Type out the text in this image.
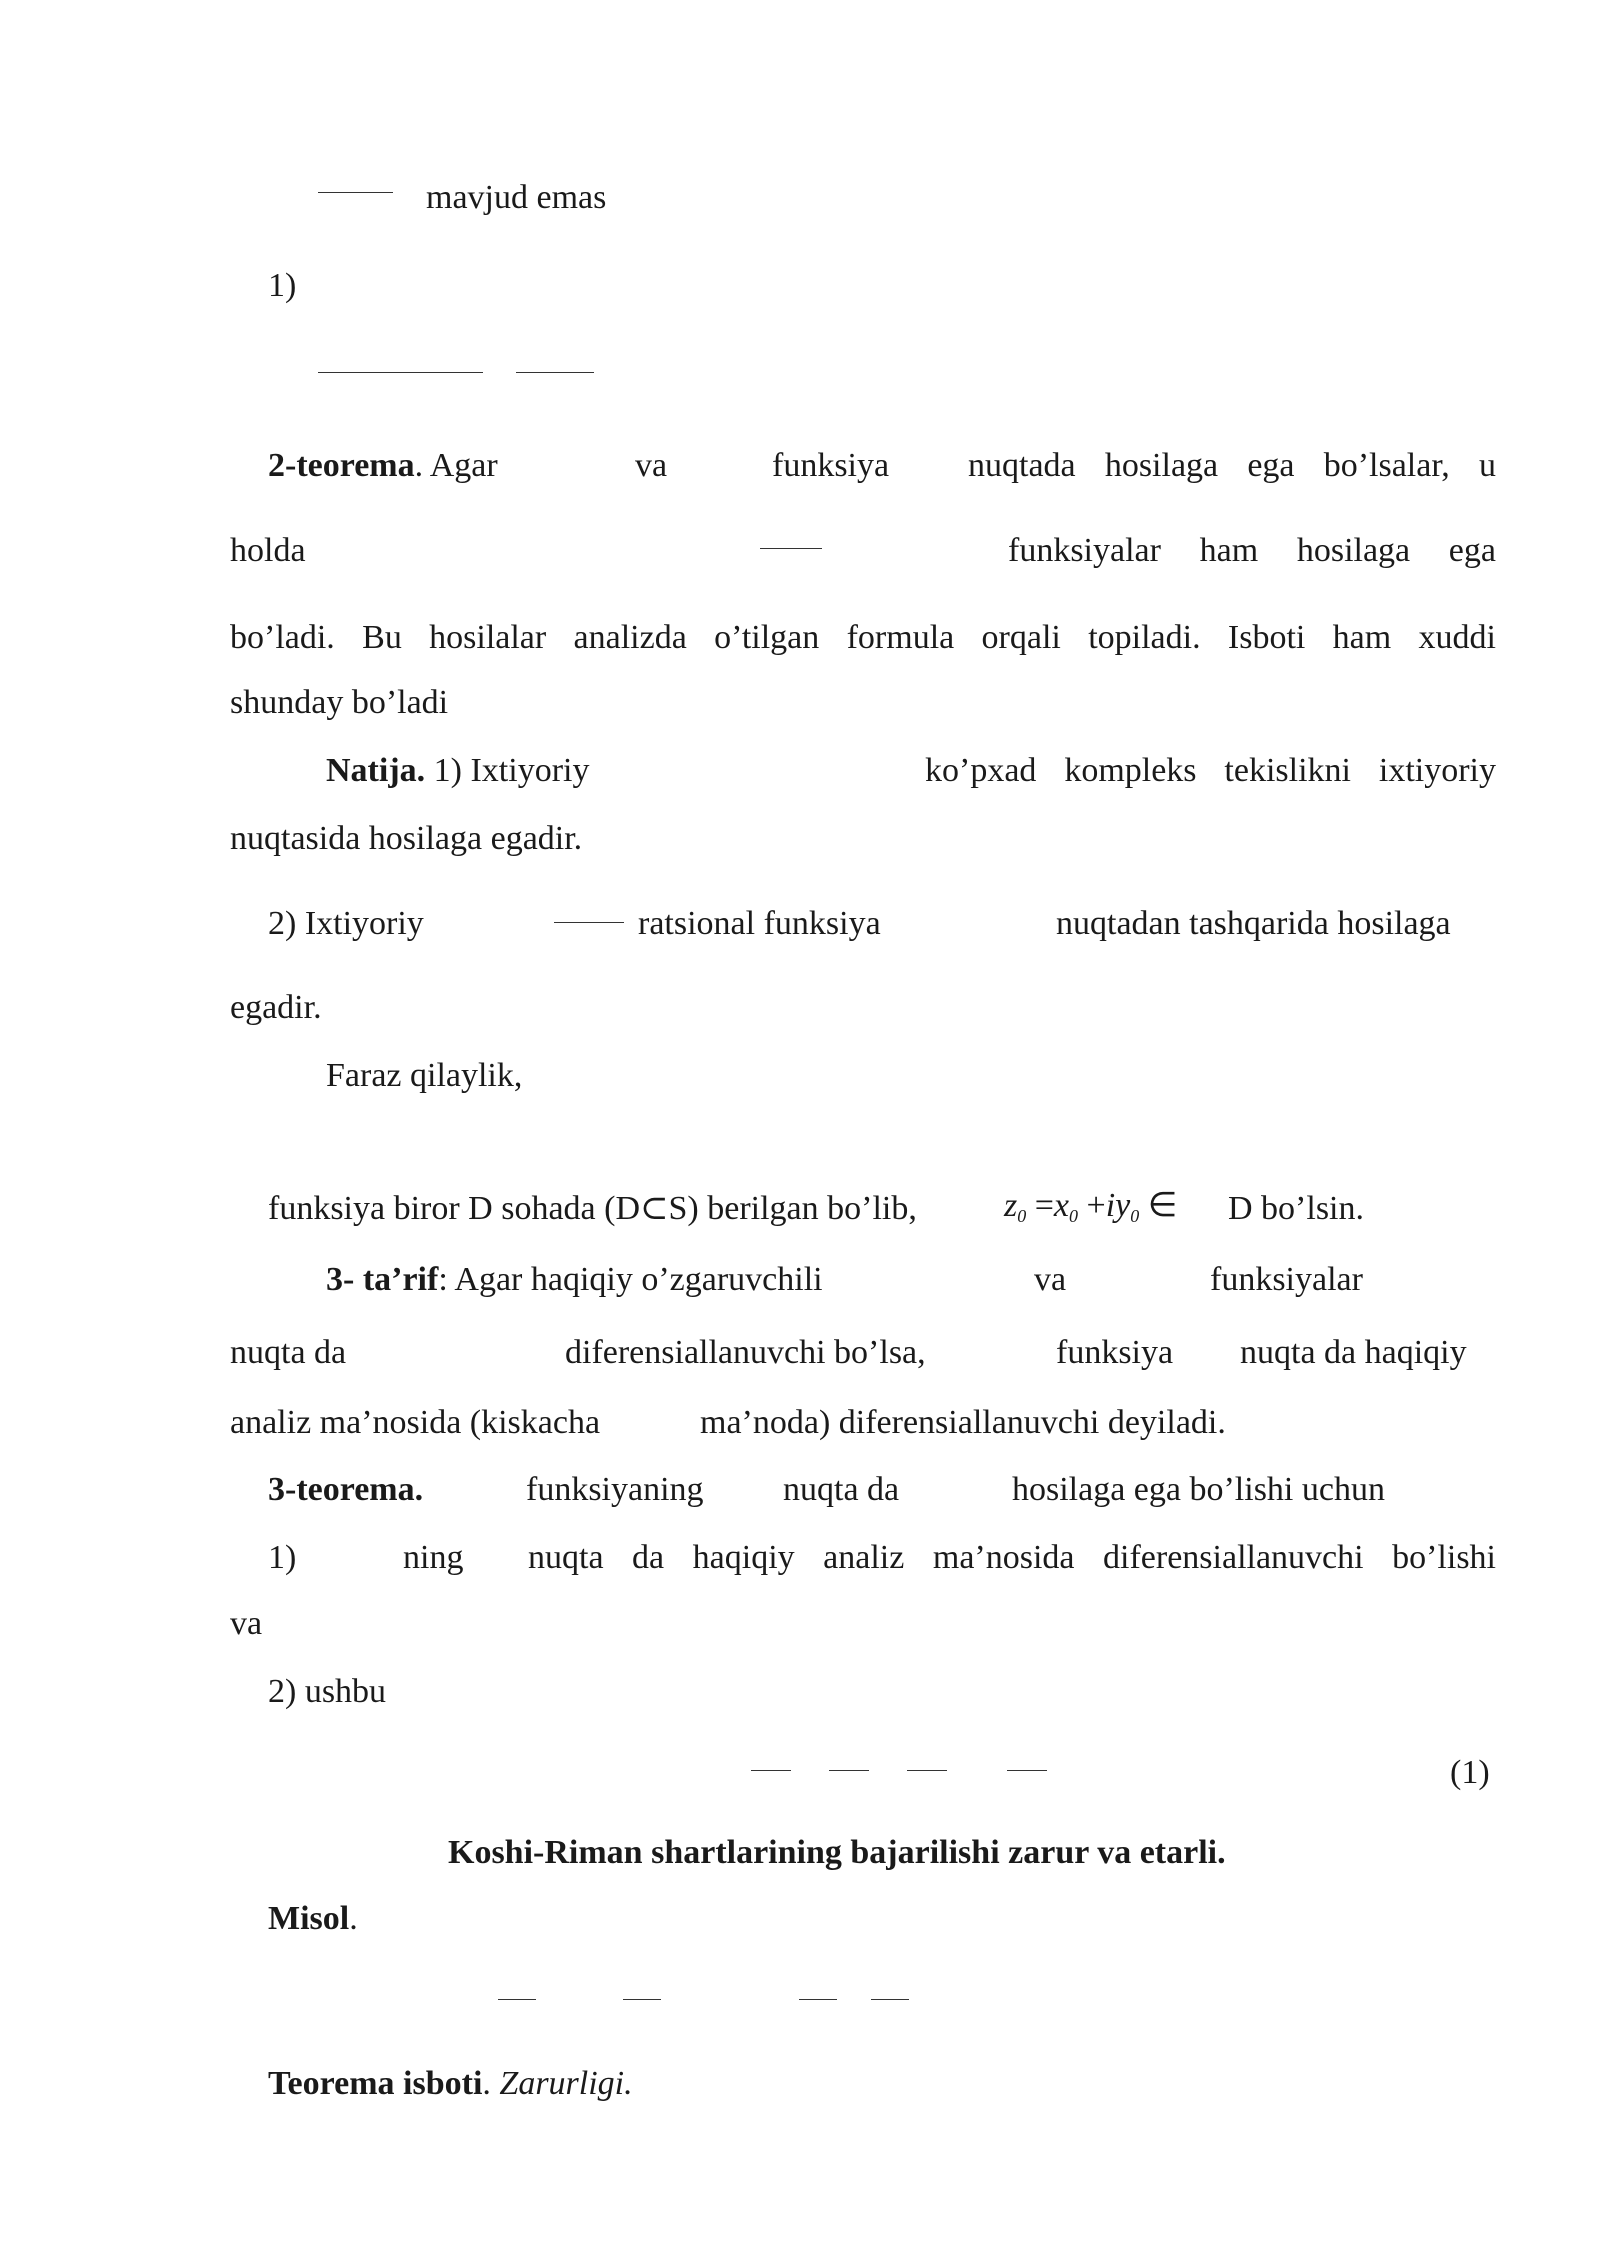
mavjud emas
1)
2-teorema. Agar	va	funksiya nuqtada hosilaga ega bo’lsalar, u
holda	funksiyalar ham hosilaga ega
bo’ladi. Bu hosilalar analizda o’tilgan formula orqali topiladi. Isboti ham xuddi
shunday bo’ladi
Natija. 1) Ixtiyoriy	ko’pxad kompleks tekislikni ixtiyoriy
nuqtasida hosilaga egadir.
2) Ixtiyoriy	ratsional funksiya	nuqtadan tashqarida hosilaga
egadir.
Faraz qilaylik,
funksiya biror D sohada (D⊂S) berilgan bo’lib,	$z_0 =x_0 +iy_0$ ∈ D bo’lsin.
3- ta’rif: Agar haqiqiy o’zgaruvchili	va	funksiyalar
nuqta da	diferensiallanuvchi bo’lsa,	funksiya nuqta da haqiqiy
analiz ma’nosida (kiskacha	ma’noda) diferensiallanuvchi deyiladi.
3-teorema.	funksiyaning nuqta da	hosilaga ega bo’lishi uchun
1)	ning nuqta da haqiqiy analiz ma’nosida diferensiallanuvchi bo’lishi
va
2) ushbu
(1)
Koshi-Riman shartlarining bajarilishi zarur va etarli.
Misol.
Teorema isboti. Zarurligi.
